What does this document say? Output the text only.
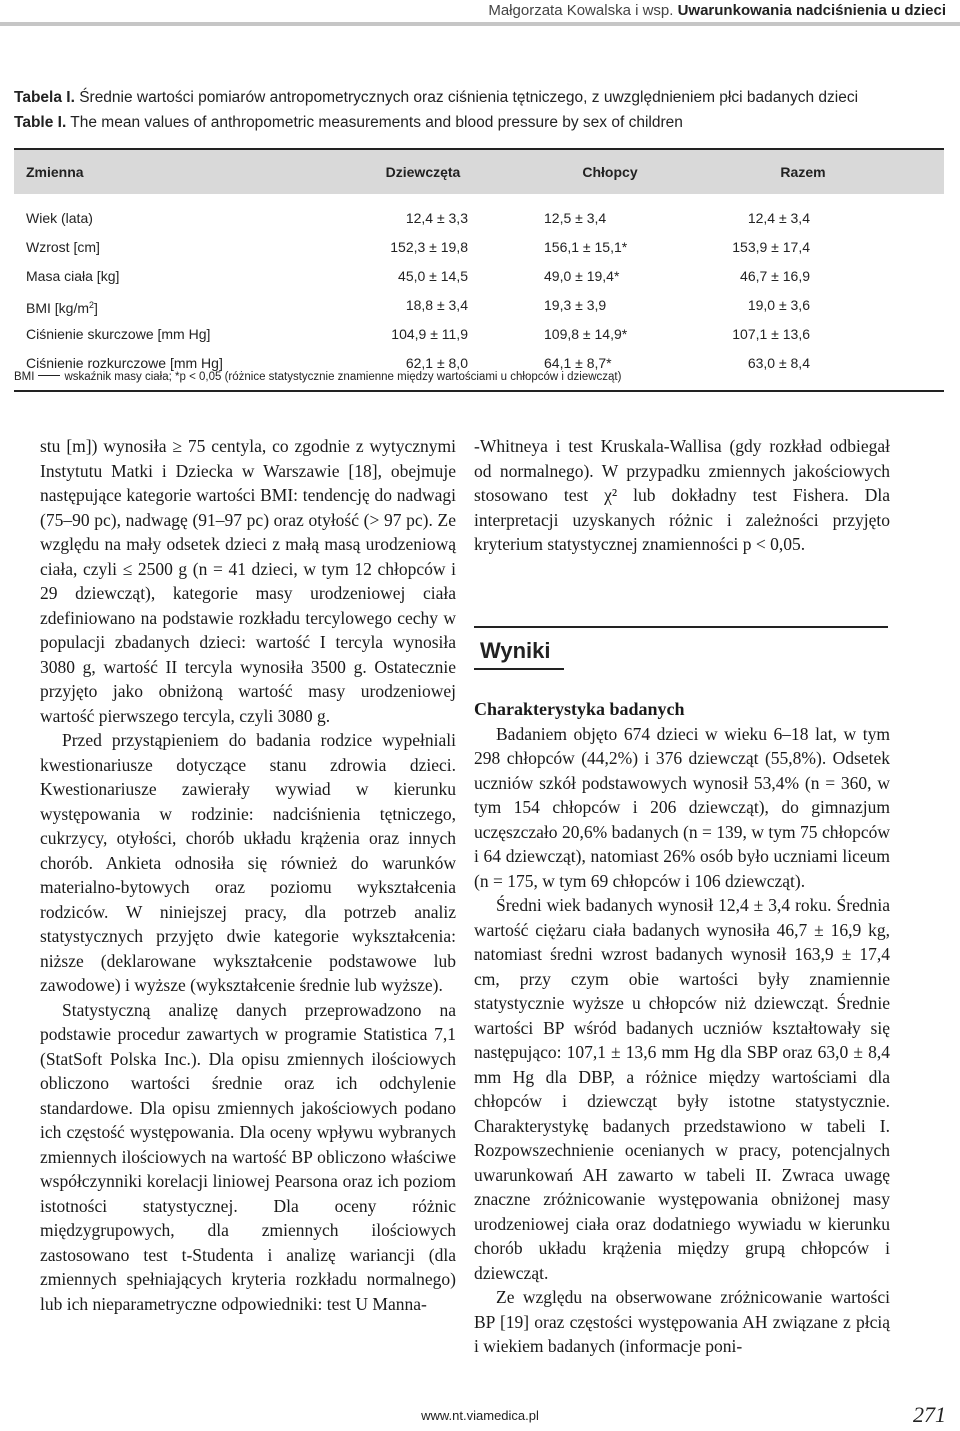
Małgorzata Kowalska i wsp. Uwarunkowania nadciśnienia u dzieci
Tabela I. Średnie wartości pomiarów antropometrycznych oraz ciśnienia tętniczego, z uwzględnieniem płci badanych dzieci
Table I. The mean values of anthropometric measurements and blood pressure by sex of children
Zmienna	Dziewczęta	Chłopcy	Razem
Wiek (lata)	12,4 ± 3,3	12,5 ± 3,4	12,4 ± 3,4
Wzrost [cm]	152,3 ± 19,8	156,1 ± 15,1*	153,9 ± 17,4
Masa ciała [kg]	45,0 ± 14,5	49,0 ± 19,4*	46,7 ± 16,9
BMI $[kg/m^2]$	18,8 ± 3,4	19,3 ± 3,9	19,0 ± 3,6
Ciśnienie skurczowe [mm Hg]	104,9 ± 11,9	109,8 ± 14,9*	107,1 ± 13,6
Ciśnienie rozkurczowe [mm Hg]	62,1 ± 8,0	64,1 ± 8,7*	63,0 ± 8,4
BMI	wskaźnik masy ciała; *p < 0,05 (różnice statystycznie znamienne między wartościami u chłopców i dziewcząt)

stu [m]) wynosiła ≥ 75 centyla, co zgodnie z wytycznymi Instytutu Matki i Dziecka w Warszawie [18], obejmuje następujące kategorie wartości BMI: tendencję do nadwagi (75–90 pc), nadwagę (91–97 pc) oraz otyłość (> 97 pc). Ze względu na mały odsetek dzieci z małą masą urodzeniową ciała, czyli ≤ 2500 g (n = 41 dzieci, w tym 12 chłopców i 29 dziewcząt), kategorie masy urodzeniowej ciała zdefiniowano na podstawie rozkładu tercylowego cechy w populacji zbadanych dzieci: wartość I tercyla wynosiła 3080 g, wartość II tercyla wynosiła 3500 g. Ostatecznie przyjęto jako obniżoną wartość masy urodzeniowej wartość pierwszego tercyla, czyli 3080 g.

Przed przystąpieniem do badania rodzice wypełniali kwestionariusze dotyczące stanu zdrowia dzieci. Kwestionariusze zawierały wywiad w kierunku występowania w rodzinie: nadciśnienia tętniczego, cukrzycy, otyłości, chorób układu krążenia oraz innych chorób. Ankieta odnosiła się również do warunków materialno-bytowych oraz poziomu wykształcenia rodziców. W niniejszej pracy, dla potrzeb analiz statystycznych przyjęto dwie kategorie wykształcenia: niższe (deklarowane wykształcenie podstawowe lub zawodowe) i wyższe (wykształcenie średnie lub wyższe).

Statystyczną analizę danych przeprowadzono na podstawie procedur zawartych w programie Statistica 7,1 (StatSoft Polska Inc.). Dla opisu zmiennych ilościowych obliczono wartości średnie oraz ich odchylenie standardowe. Dla opisu zmiennych jakościowych podano ich częstość występowania. Dla oceny wpływu wybranych zmiennych ilościowych na wartość BP obliczono właściwe współczynniki korelacji liniowej Pearsona oraz ich poziom istotności statystycznej. Dla oceny różnic międzygrupowych, dla zmiennych ilościowych zastosowano test t-Studenta i analizę wariancji (dla zmiennych spełniających kryteria rozkładu normalnego) lub ich nieparametryczne odpowiedniki: test U Manna-

-Whitneya i test Kruskala-Wallisa (gdy rozkład odbiegał od normalnego). W przypadku zmiennych jakościowych stosowano test χ² lub dokładny test Fishera. Dla interpretacji uzyskanych różnic i zależności przyjęto kryterium statystycznej znamienności p < 0,05.

Wyniki

Charakterystyka badanych

Badaniem objęto 674 dzieci w wieku 6–18 lat, w tym 298 chłopców (44,2%) i 376 dziewcząt (55,8%). Odsetek uczniów szkół podstawowych wynosił 53,4% (n = 360, w tym 154 chłopców i 206 dziewcząt), do gimnazjum uczęszczało 20,6% badanych (n = 139, w tym 75 chłopców i 64 dziewcząt), natomiast 26% osób było uczniami liceum (n = 175, w tym 69 chłopców i 106 dziewcząt).

Średni wiek badanych wynosił 12,4 ± 3,4 roku. Średnia wartość ciężaru ciała badanych wynosiła 46,7 ± 16,9 kg, natomiast średni wzrost badanych wynosił 163,9 ± 17,4 cm, przy czym obie wartości były znamiennie statystycznie wyższe u chłopców niż dziewcząt. Średnie wartości BP wśród badanych uczniów kształtowały się następująco: 107,1 ± 13,6 mm Hg dla SBP oraz 63,0 ± 8,4 mm Hg dla DBP, a różnice między wartościami dla chłopców i dziewcząt były istotne statystycznie. Charakterystykę badanych przedstawiono w tabeli I. Rozpowszechnienie ocenianych w pracy, potencjalnych uwarunkowań AH zawarto w tabeli II. Zwraca uwagę znaczne zróżnicowanie występowania obniżonej masy urodzeniowej ciała oraz dodatniego wywiadu w kierunku chorób układu krążenia między grupą chłopców i dziewcząt.

Ze względu na obserwowane zróżnicowanie wartości BP [19] oraz częstości występowania AH związane z płcią i wiekiem badanych (informacje poni-

www.nt.viamedica.pl	271
